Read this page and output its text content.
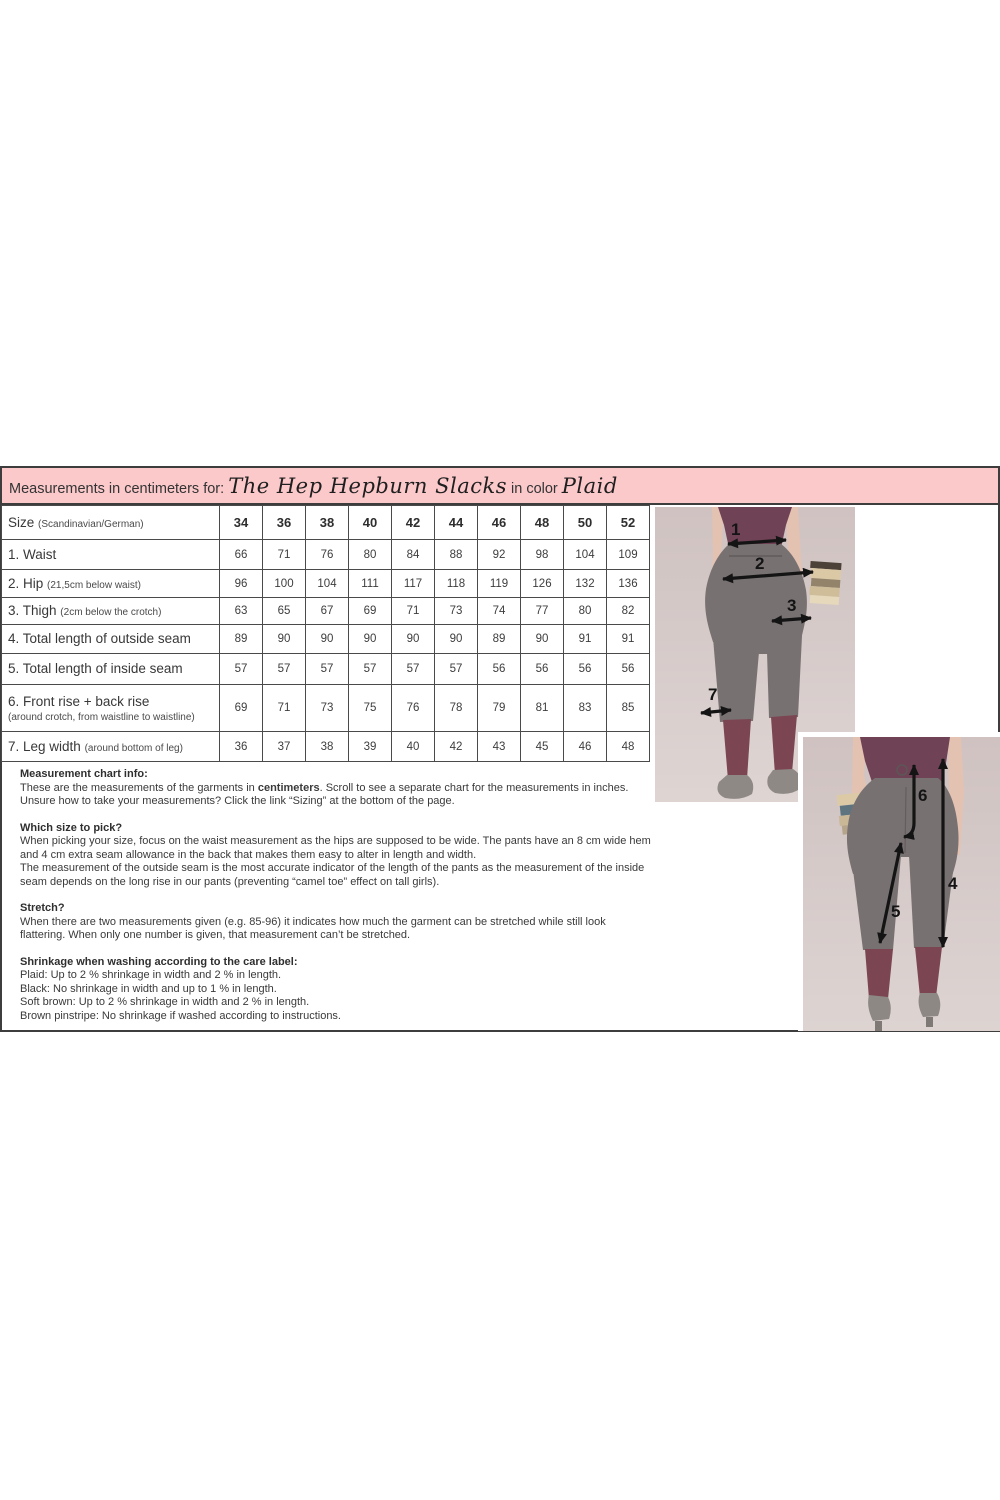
Measurements in centimeters for: The Hep Hepburn Slacks in color Plaid
Size (Scandinavian/German)	34	36	38	40	42	44	46	48	50	52
1. Waist	66	71	76	80	84	88	92	98	104	109
2. Hip (21,5cm below waist)	96	100	104	111	117	118	119	126	132	136
3. Thigh (2cm below the crotch)	63	65	67	69	71	73	74	77	80	82
4. Total length of outside seam	89	90	90	90	90	90	89	90	91	91
5. Total length of inside seam	57	57	57	57	57	57	56	56	56	56
6. Front rise + back rise
(around crotch, from waistline to waistline)	69	71	73	75	76	78	79	81	83	85
7. Leg width (around bottom of leg)	36	37	38	39	40	42	43	45	46	48
Measurement chart info:
These are the measurements of the garments in centimeters. Scroll to see a separate chart for the measurements in inches. Unsure how to take your measurements? Click the link “Sizing” at the bottom of the page.
Which size to pick?
When picking your size, focus on the waist measurement as the hips are supposed to be wide. The pants have an 8 cm wide hem and 4 cm extra seam allowance in the back that makes them easy to alter in length and width.
The measurement of the outside seam is the most accurate indicator of the length of the pants as the measurement of the inside seam depends on the long rise in our pants (preventing “camel toe” effect on tall girls).
Stretch?
When there are two measurements given (e.g. 85-96) it indicates how much the garment can be stretched while still look flattering. When only one number is given, that measurement can’t be stretched.
Shrinkage when washing according to the care label:
Plaid: Up to 2 % shrinkage in width and 2 % in length.
Black: No shrinkage in width and up to 1 % in length.
Soft brown: Up to 2 % shrinkage in width and 2 % in length.
Brown pinstripe: No shrinkage if washed according to instructions.
1
2
3
7
6
4
5
